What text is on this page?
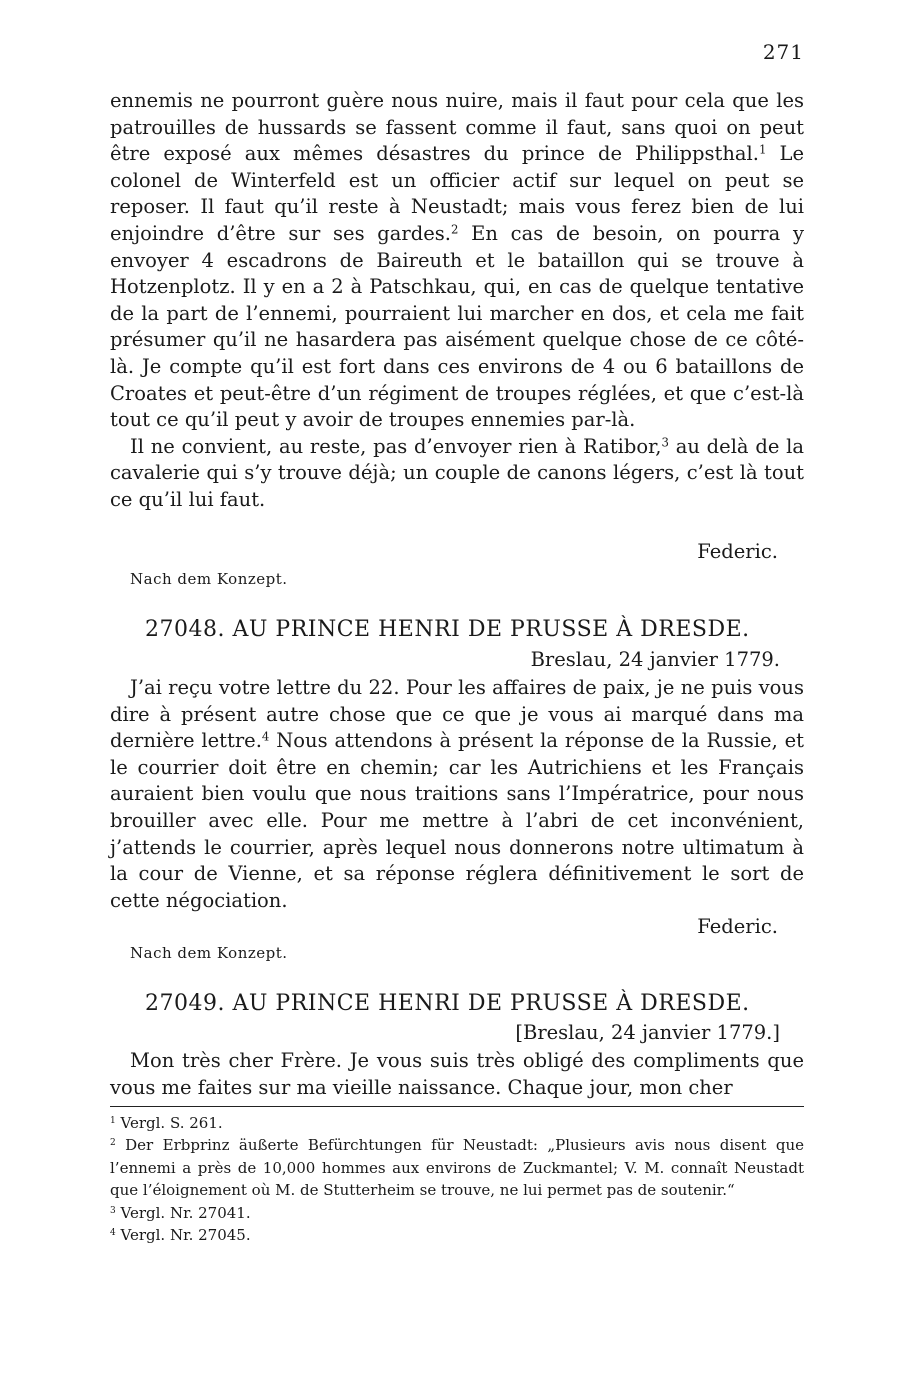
271

ennemis ne pourront guère nous nuire, mais il faut pour cela que les patrouilles de hussards se fassent comme il faut, sans quoi on peut être exposé aux mêmes désastres du prince de Philippsthal.$^1$ Le colonel de Winterfeld est un officier actif sur lequel on peut se reposer. Il faut qu’il reste à Neustadt; mais vous ferez bien de lui enjoindre d’être sur ses gardes.$^2$ En cas de besoin, on pourra y envoyer 4 escadrons de Baireuth et le bataillon qui se trouve à Hotzenplotz. Il y en a 2 à Patschkau, qui, en cas de quelque tentative de la part de l’ennemi, pourraient lui marcher en dos, et cela me fait présumer qu’il ne hasardera pas aisément quelque chose de ce côté-là. Je compte qu’il est fort dans ces environs de 4 ou 6 bataillons de Croates et peut-être d’un régiment de troupes réglées, et que c’est-là tout ce qu’il peut y avoir de troupes ennemies par-là.

Il ne convient, au reste, pas d’envoyer rien à Ratibor,$^3$ au delà de la cavalerie qui s’y trouve déjà; un couple de canons légers, c’est là tout ce qu’il lui faut.

Federic.
Nach dem Konzept.
27048. AU PRINCE HENRI DE PRUSSE À DRESDE.
Breslau, 24 janvier 1779.

J’ai reçu votre lettre du 22. Pour les affaires de paix, je ne puis vous dire à présent autre chose que ce que je vous ai marqué dans ma dernière lettre.$^4$ Nous attendons à présent la réponse de la Russie, et le courrier doit être en chemin; car les Autrichiens et les Français auraient bien voulu que nous traitions sans l’Impératrice, pour nous brouiller avec elle. Pour me mettre à l’abri de cet inconvénient, j’attends le courrier, après lequel nous donnerons notre ultimatum à la cour de Vienne, et sa réponse réglera définitivement le sort de cette négociation.

Federic.
Nach dem Konzept.
27049. AU PRINCE HENRI DE PRUSSE À DRESDE.
[Breslau, 24 janvier 1779.]

Mon très cher Frère. Je vous suis très obligé des compliments que vous me faites sur ma vieille naissance. Chaque jour, mon cher

$^1$ Vergl. S. 261.

$^2$ Der Erbprinz äußerte Befürchtungen für Neustadt: „Plusieurs avis nous disent que l’ennemi a près de 10,000 hommes aux environs de Zuckmantel; V. M. connaît Neustadt que l’éloignement où M. de Stutterheim se trouve, ne lui permet pas de soutenir.“

$^3$ Vergl. Nr. 27041.

$^4$ Vergl. Nr. 27045.
